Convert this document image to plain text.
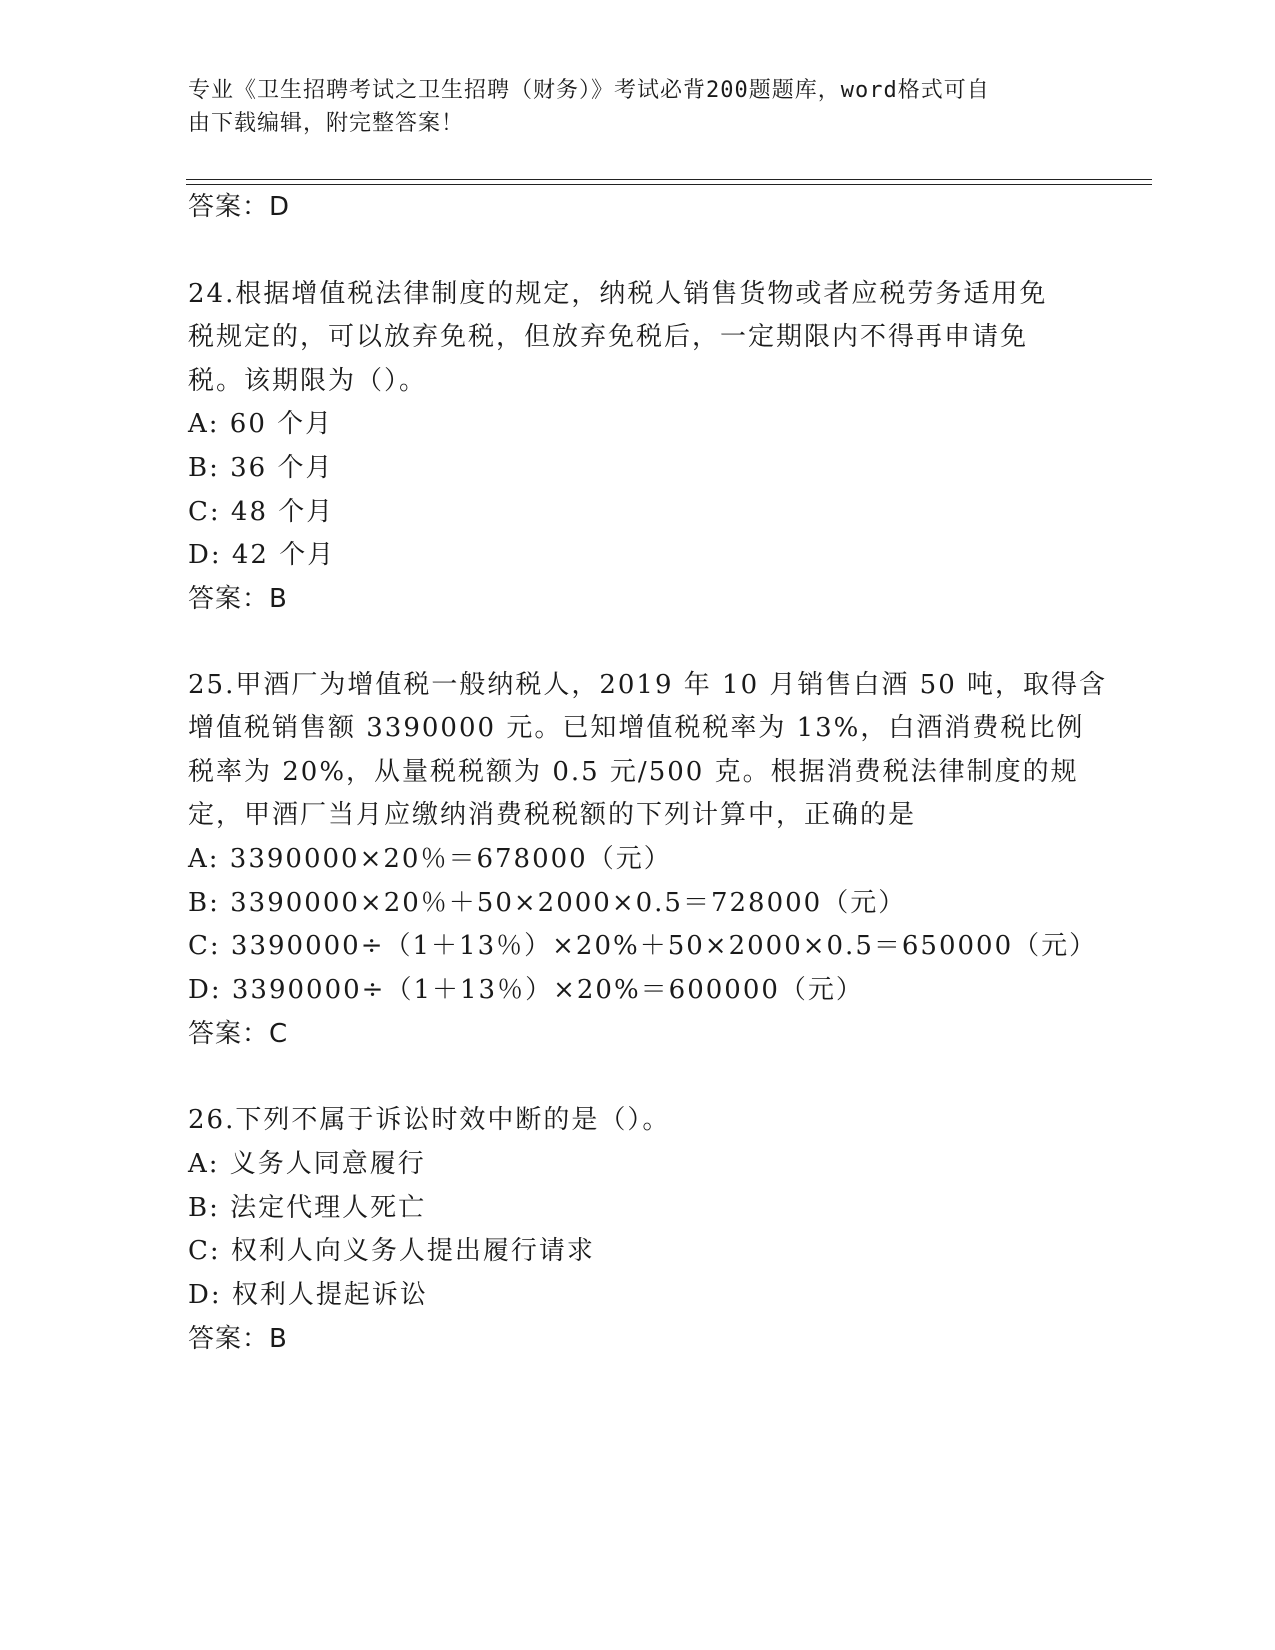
专业《卫生招聘考试之卫生招聘（财务）》考试必背200题题库，word格式可自
由下载编辑，附完整答案！
答案：D
24.根据增值税法律制度的规定，纳税人销售货物或者应税劳务适用免
税规定的，可以放弃免税，但放弃免税后，一定期限内不得再申请免
税。该期限为（）。
A: 60 个月
B: 36 个月
C: 48 个月
D: 42 个月
答案：B
25.甲酒厂为增值税一般纳税人，2019 年 10 月销售白酒 50 吨，取得含
增值税销售额 3390000 元。已知增值税税率为 13%，白酒消费税比例
税率为 20%，从量税税额为 0.5 元/500 克。根据消费税法律制度的规
定，甲酒厂当月应缴纳消费税税额的下列计算中，正确的是
A: 3390000×20％＝678000（元）
B: 3390000×20％＋50×2000×0.5＝728000（元）
C: 3390000÷（1＋13％）×20%＋50×2000×0.5＝650000（元）
D: 3390000÷（1＋13％）×20%＝600000（元）
答案：C
26.下列不属于诉讼时效中断的是（）。
A: 义务人同意履行
B: 法定代理人死亡
C: 权利人向义务人提出履行请求
D: 权利人提起诉讼
答案：B
